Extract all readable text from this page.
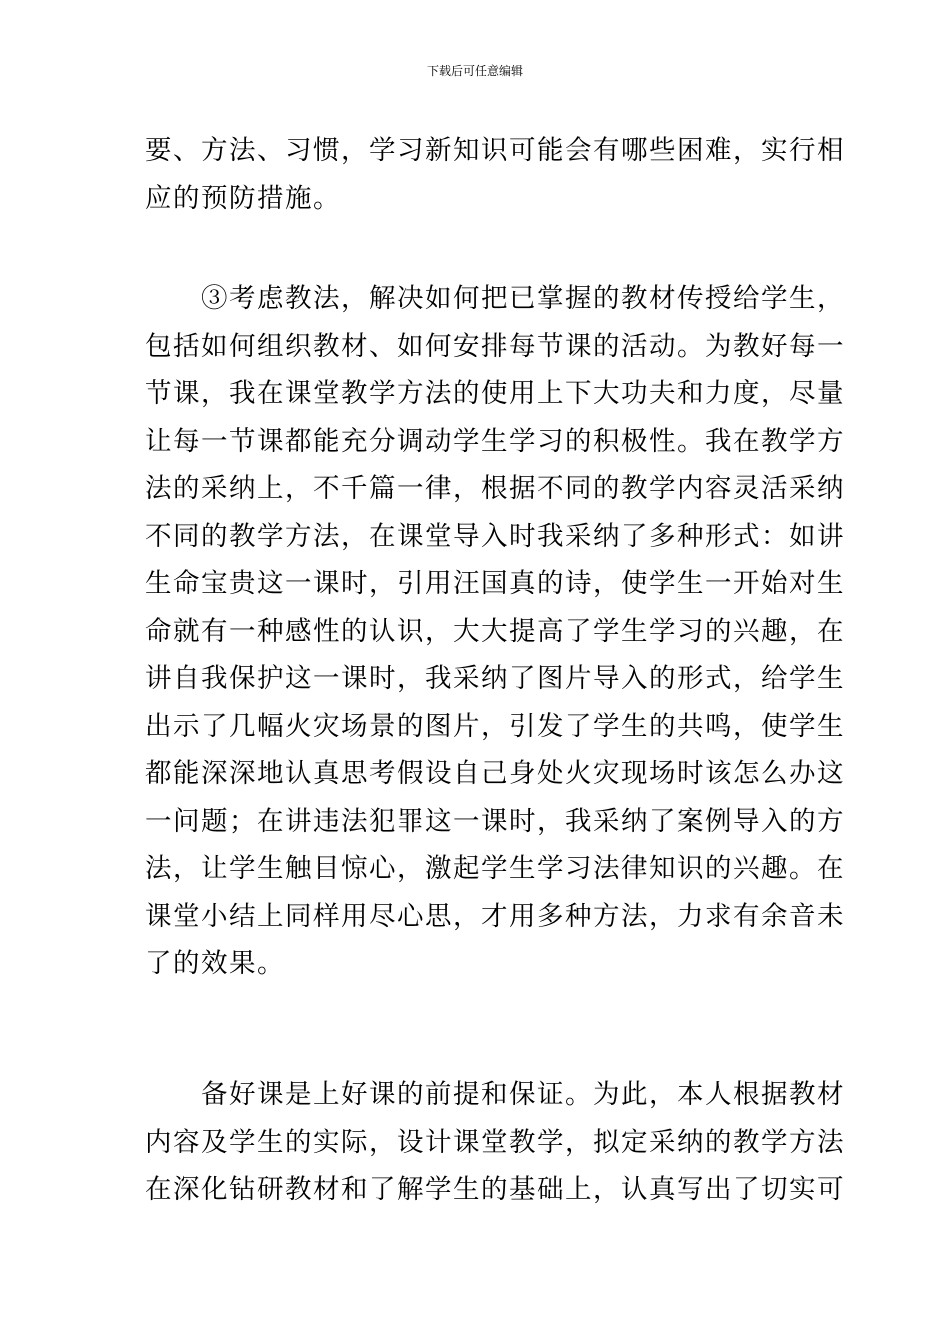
下载后可任意编辑
要、方法、习惯，学习新知识可能会有哪些困难，实行相
应的预防措施。
　　③考虑教法，解决如何把已掌握的教材传授给学生，
包括如何组织教材、如何安排每节课的活动。为教好每一
节课，我在课堂教学方法的使用上下大功夫和力度，尽量
让每一节课都能充分调动学生学习的积极性。我在教学方
法的采纳上，不千篇一律，根据不同的教学内容灵活采纳
不同的教学方法，在课堂导入时我采纳了多种形式：如讲
生命宝贵这一课时，引用汪国真的诗，使学生一开始对生
命就有一种感性的认识，大大提高了学生学习的兴趣，在
讲自我保护这一课时，我采纳了图片导入的形式，给学生
出示了几幅火灾场景的图片，引发了学生的共鸣，使学生
都能深深地认真思考假设自己身处火灾现场时该怎么办这
一问题；在讲违法犯罪这一课时，我采纳了案例导入的方
法，让学生触目惊心，激起学生学习法律知识的兴趣。在
课堂小结上同样用尽心思，才用多种方法，力求有余音未
了的效果。
　　备好课是上好课的前提和保证。为此，本人根据教材
内容及学生的实际，设计课堂教学，拟定采纳的教学方法
在深化钻研教材和了解学生的基础上，认真写出了切实可
